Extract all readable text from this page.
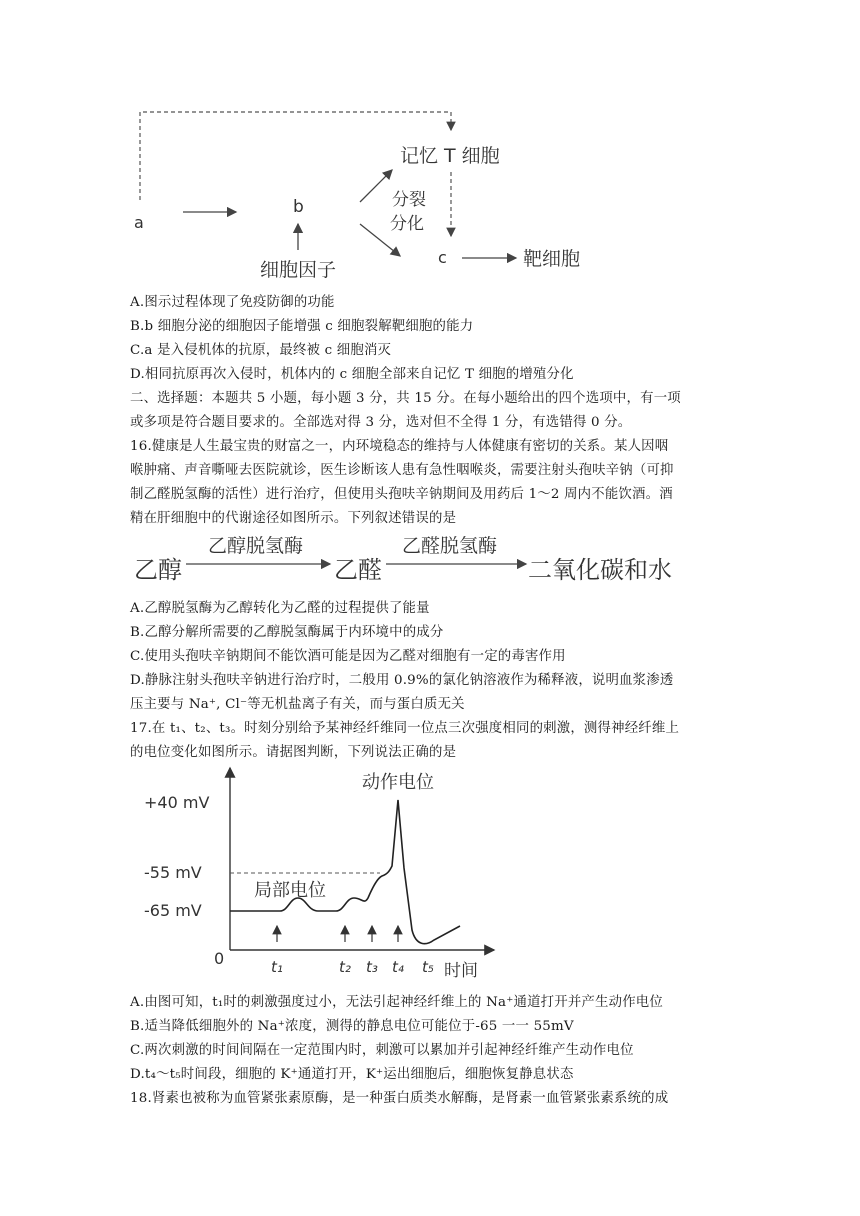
a
b
细胞因子
分裂
分化
记忆 T 细胞
c	靶细胞
A.图示过程体现了免疫防御的功能
B.b 细胞分泌的细胞因子能增强 c 细胞裂解靶细胞的能力
C.a 是入侵机体的抗原，最终被 c 细胞消灭
D.相同抗原再次入侵时，机体内的 c 细胞全部来自记忆 T 细胞的增殖分化
二、选择题：本题共 5 小题，每小题 3 分，共 15 分。在每小题给出的四个选项中，有一项
或多项是符合题目要求的。全部选对得 3 分，选对但不全得 1 分，有选错得 0 分。
16.健康是人生最宝贵的财富之一，内环境稳态的维持与人体健康有密切的关系。某人因咽
喉肿痛、声音嘶哑去医院就诊，医生诊断该人患有急性咽喉炎，需要注射头孢呋辛钠（可抑
制乙醛脱氢酶的活性）进行治疗，但使用头孢呋辛钠期间及用药后 1～2 周内不能饮酒。酒
精在肝细胞中的代谢途径如图所示。下列叙述错误的是
乙醇
乙醇脱氢酶
乙醛
乙醛脱氢酶
二氧化碳和水
A.乙醇脱氢酶为乙醇转化为乙醛的过程提供了能量
B.乙醇分解所需要的乙醇脱氢酶属于内环境中的成分
C.使用头孢呋辛钠期间不能饮酒可能是因为乙醛对细胞有一定的毒害作用
D.静脉注射头孢呋辛钠进行治疗时，二般用 0.9%的氯化钠溶液作为稀释液，说明血浆渗透
压主要与 Na⁺, Cl⁻等无机盐离子有关，而与蛋白质无关
17.在 t₁、t₂、t₃。时刻分别给予某神经纤维同一位点三次强度相同的刺激，测得神经纤维上
的电位变化如图所示。请据图判断，下列说法正确的是
+40 mV
-55 mV
-65 mV
0
时间
动作电位
局部电位
t₁	t₂ t₃ t₄ t₅
A.由图可知，t₁时的刺激强度过小，无法引起神经纤维上的 Na⁺通道打开并产生动作电位
B.适当降低细胞外的 Na⁺浓度，测得的静息电位可能位于-65 一一 55mV
C.两次刺激的时间间隔在一定范围内时，刺激可以累加并引起神经纤维产生动作电位
D.t₄～t₅时间段，细胞的 K⁺通道打开，K⁺运出细胞后，细胞恢复静息状态
18.肾素也被称为血管紧张素原酶，是一种蛋白质类水解酶，是肾素一血管紧张素系统的成
